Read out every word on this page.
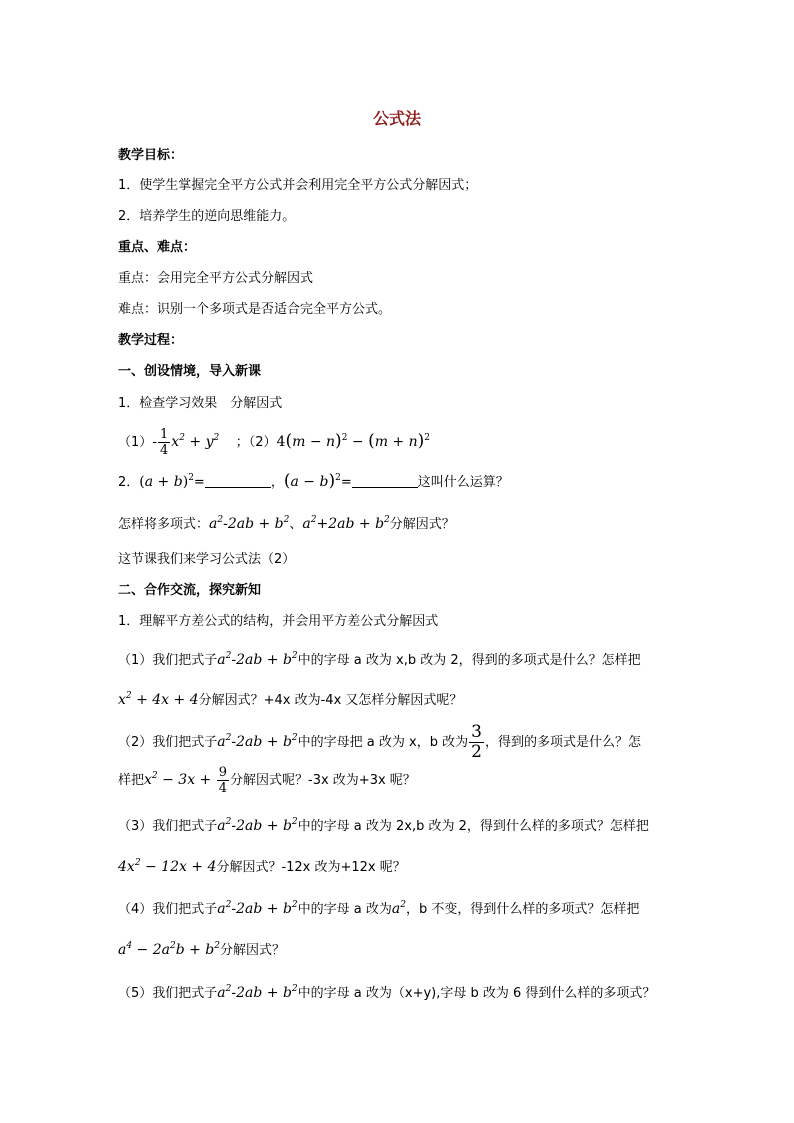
公式法
教学目标：
1．使学生掌握完全平方公式并会利用完全平方公式分解因式；
2．培养学生的逆向思维能力。
重点、难点：
重点：会用完全平方公式分解因式
难点：识别一个多项式是否适合完全平方公式。
教学过程：
一、创设情境，导入新课
1．检查学习效果　分解因式
$(1)- \frac{1}{4} x^2 + y^2$ ；$(2)4(m - n)^2 - (m + n)^2$
2．$(a + b)^2=$	，$(a - b)^2=$	这叫什么运算？
怎样将多项式：$a^2-2ab + b^2$、$a^2+2ab + b^2$分解因式？
这节课我们来学习公式法（2）
二、合作交流，探究新知
1．理解平方差公式的结构，并会用平方差公式分解因式
（1）我们把式子$a^2-2ab + b^2$中的字母 a 改为 x,b 改为 2，得到的多项式是什么？怎样把
$x^2 + 4x + 4$分解因式？+4x 改为-4x 又怎样分解因式呢？
（2）我们把式子$a^2-2ab + b^2$中的字母把 a 改为 x，b 改为 $\frac{3}{2}$ ，得到的多项式是什么？怎
样把$x^2 - 3x + \frac{9}{4}$ 分解因式呢？-3x 改为+3x 呢？
（3）我们把式子$a^2-2ab + b^2$中的字母 a 改为 2x,b 改为 2，得到什么样的多项式？怎样把
$4x^2 - 12x + 4$分解因式？-12x 改为+12x 呢？
（4）我们把式子$a^2-2ab + b^2$中的字母 a 改为$a^2$，b 不变，得到什么样的多项式？怎样把
$a^4 - 2a^2b + b^2$分解因式？
（5）我们把式子$a^2-2ab + b^2$中的字母 a 改为（x+y),字母 b 改为 6 得到什么样的多项式？
